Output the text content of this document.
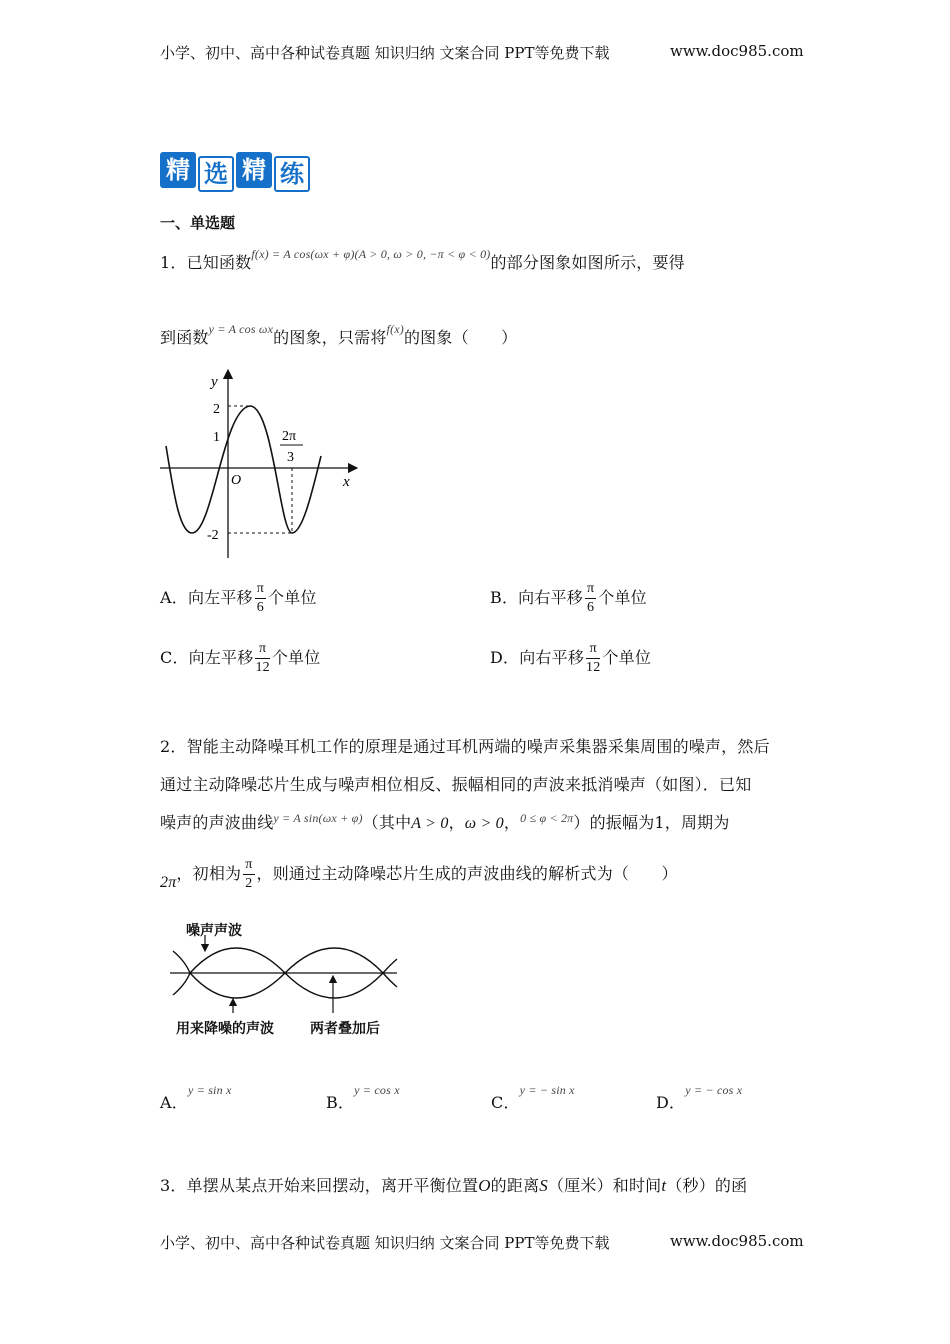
小学、初中、高中各种试卷真题 知识归纳 文案合同 PPT等免费下载	www.doc985.com
精 选 精 练
一、单选题
1．已知函数$^{f(x) = A cos(\omega x + \varphi)(A > 0, \omega > 0, -\pi < \varphi < 0)}$的部分图象如图所示，要得
到函数$^{y = A cos \omega x}$的图象，只需将$^{f(x)}$的图象（　　）
y
x
O
2
1
-2
2π
3
A．向左平移 $\frac{\pi}{6}$ 个单位	B．向右平移 $\frac{\pi}{6}$ 个单位
C．向左平移 $\frac{\pi}{12}$ 个单位	D．向右平移 $\frac{\pi}{12}$ 个单位
2．智能主动降噪耳机工作的原理是通过耳机两端的噪声采集器采集周围的噪声，然后
通过主动降噪芯片生成与噪声相位相反、振幅相同的声波来抵消噪声（如图）．已知
噪声的声波曲线$^{y = A sin(\omega x + \varphi)}$（其中A > 0，ω > 0，$^{0 \le \varphi < 2\pi}$）的振幅为1，周期为
2π，初相为 $\frac{\pi}{2}$ ，则通过主动降噪芯片生成的声波曲线的解析式为（　　）
噪声声波
用来降噪的声波	两者叠加后
A．$^{y = sin x}$
B．$^{y = cos x}$
C．$^{y = - sin x}$
D．$^{y = - cos x}$
3．单摆从某点开始来回摆动，离开平衡位置O的距离S（厘米）和时间t（秒）的函
小学、初中、高中各种试卷真题 知识归纳 文案合同 PPT等免费下载	www.doc985.com
